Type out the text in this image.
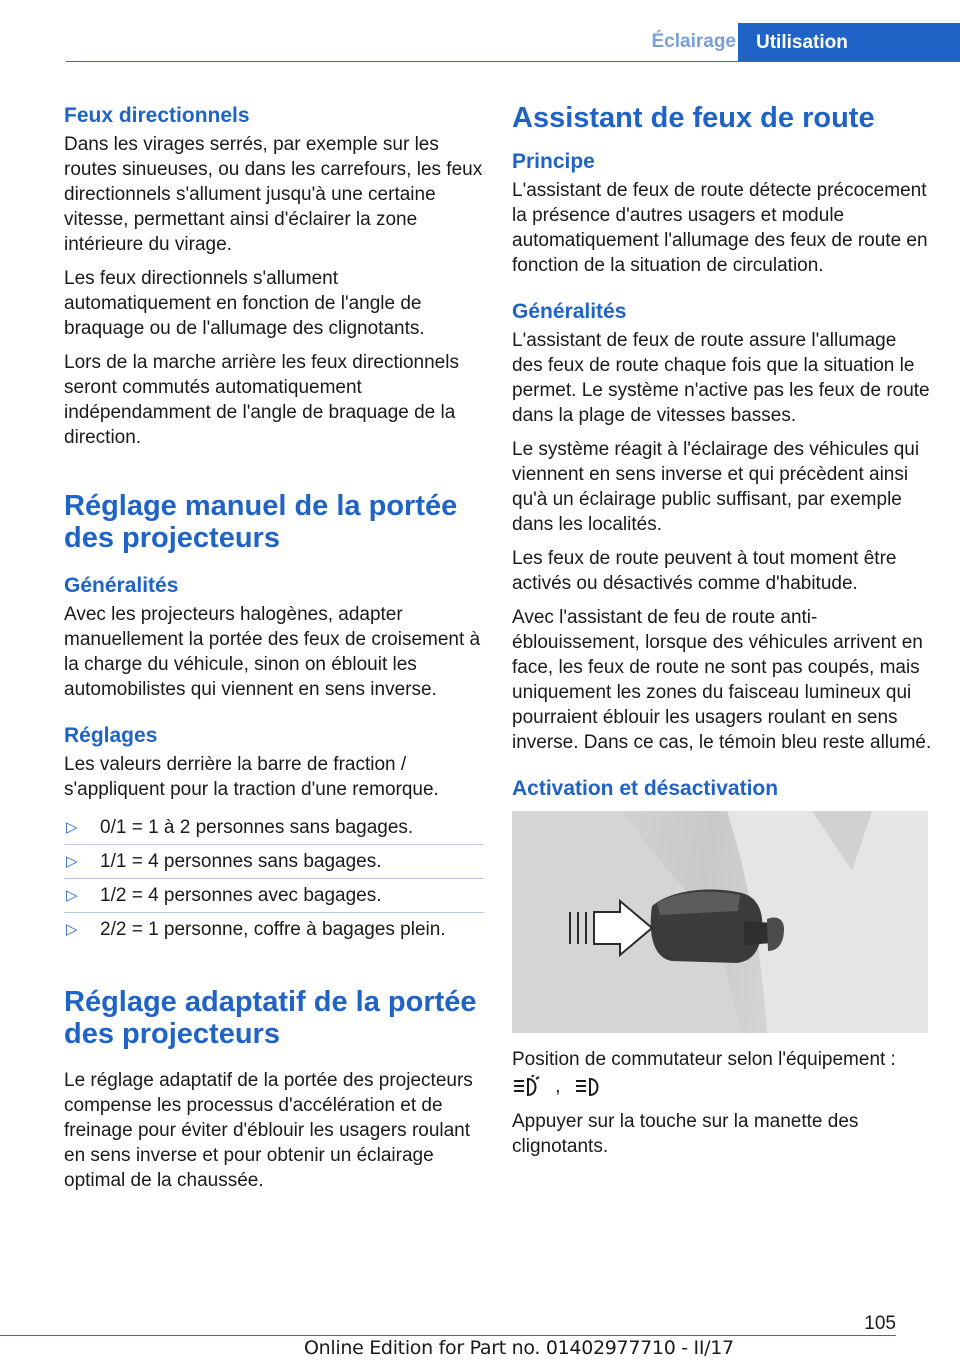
Éclairage	Utilisation
Feux directionnels

Dans les virages serrés, par exemple sur les routes sinueuses, ou dans les carrefours, les feux directionnels s'allument jusqu'à une certaine vitesse, permettant ainsi d'éclairer la zone intérieure du virage.

Les feux directionnels s'allument automatiquement en fonction de l'angle de braquage ou de l'allumage des clignotants.

Lors de la marche arrière les feux directionnels seront commutés automatiquement indépendamment de l'angle de braquage de la direction.

Réglage manuel de la portée des projecteurs
Généralités

Avec les projecteurs halogènes, adapter manuellement la portée des feux de croisement à la charge du véhicule, sinon on éblouit les automobilistes qui viennent en sens inverse.

Réglages

Les valeurs derrière la barre de fraction / s'appliquent pour la traction d'une remorque.

▷ 0/1 = 1 à 2 personnes sans bagages.
▷ 1/1 = 4 personnes sans bagages.
▷ 1/2 = 4 personnes avec bagages.
▷ 2/2 = 1 personne, coffre à bagages plein.
Réglage adaptatif de la portée des projecteurs

Le réglage adaptatif de la portée des projecteurs compense les processus d'accélération et de freinage pour éviter d'éblouir les usagers roulant en sens inverse et pour obtenir un éclairage optimal de la chaussée.

Assistant de feux de route
Principe

L'assistant de feux de route détecte précocement la présence d'autres usagers et module automatiquement l'allumage des feux de route en fonction de la situation de circulation.

Généralités

L'assistant de feux de route assure l'allumage des feux de route chaque fois que la situation le permet. Le système n'active pas les feux de route dans la plage de vitesses basses.

Le système réagit à l'éclairage des véhicules qui viennent en sens inverse et qui précèdent ainsi qu'à un éclairage public suffisant, par exemple dans les localités.

Les feux de route peuvent à tout moment être activés ou désactivés comme d'habitude.

Avec l'assistant de feu de route anti-éblouissement, lorsque des véhicules arrivent en face, les feux de route ne sont pas coupés, mais uniquement les zones du faisceau lumineux qui pourraient éblouir les usagers roulant en sens inverse. Dans ce cas, le témoin bleu reste allumé.

Activation et désactivation

Position de commutateur selon l'équipement :

,

Appuyer sur la touche sur la manette des clignotants.

105
Online Edition for Part no. 01402977710 - II/17
